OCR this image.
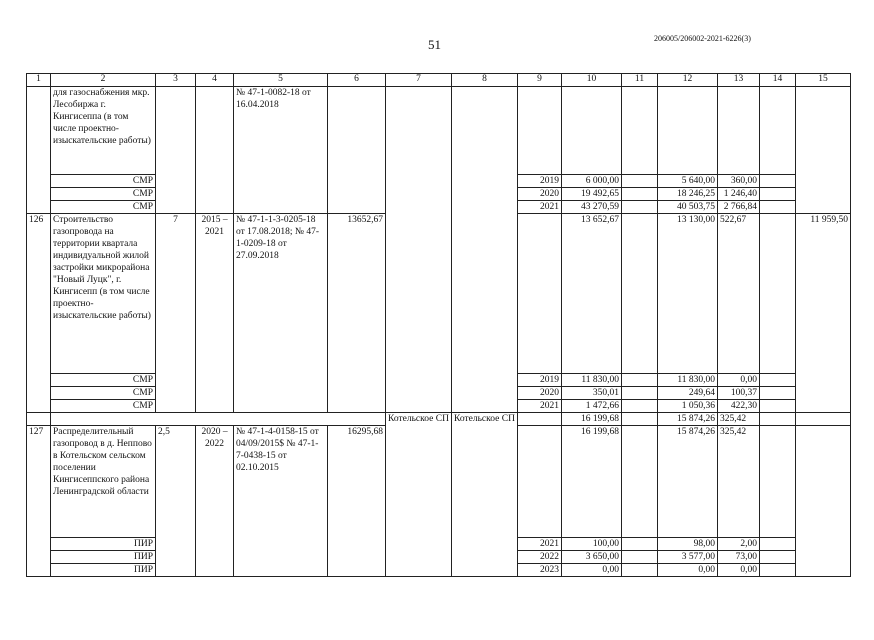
51	206005/206002-2021-6226(3)
1	2	3	4	5	6	7	8	9	10	11	12	13	14	15
	для газоснабжения мкр. Лесобиржа г. Кингисеппа (в том числе проектно-изыскательские работы)			№ 47-1-0082-18 от 16.04.2018										
	СМР							2019	6 000,00		5 640,00	360,00		
	СМР							2020	19 492,65		18 246,25	1 246,40		
	СМР							2021	43 270,59		40 503,75	2 766,84		
126	Строительство газопровода на территории квартала индивидуальной жилой застройки микрорайона "Новый Луцк", г. Кингисепп (в том числе проектно-изыскательские работы)	7	2015 – 2021	№ 47-1-1-3-0205-18 от 17.08.2018; № 47-1-0209-18 от 27.09.2018	13652,67				13 652,67		13 130,00	522,67		11 959,50
	СМР							2019	11 830,00		11 830,00	0,00		
	СМР							2020	350,01		249,64	100,37		
	СМР							2021	1 472,66		1 050,36	422,30		
						Котельское СП	Котельское СП		16 199,68		15 874,26	325,42		
127	Распределительный газопровод в д. Неппово в Котельском сельском поселении Кингисеппского района Ленинградской области	2,5	2020 – 2022	№ 47-1-4-0158-15 от 04/09/2015$ № 47-1-7-0438-15 от 02.10.2015	16295,68				16 199,68		15 874,26	325,42		
	ПИР							2021	100,00		98,00	2,00		
	ПИР							2022	3 650,00		3 577,00	73,00		
	ПИР							2023	0,00		0,00	0,00		
